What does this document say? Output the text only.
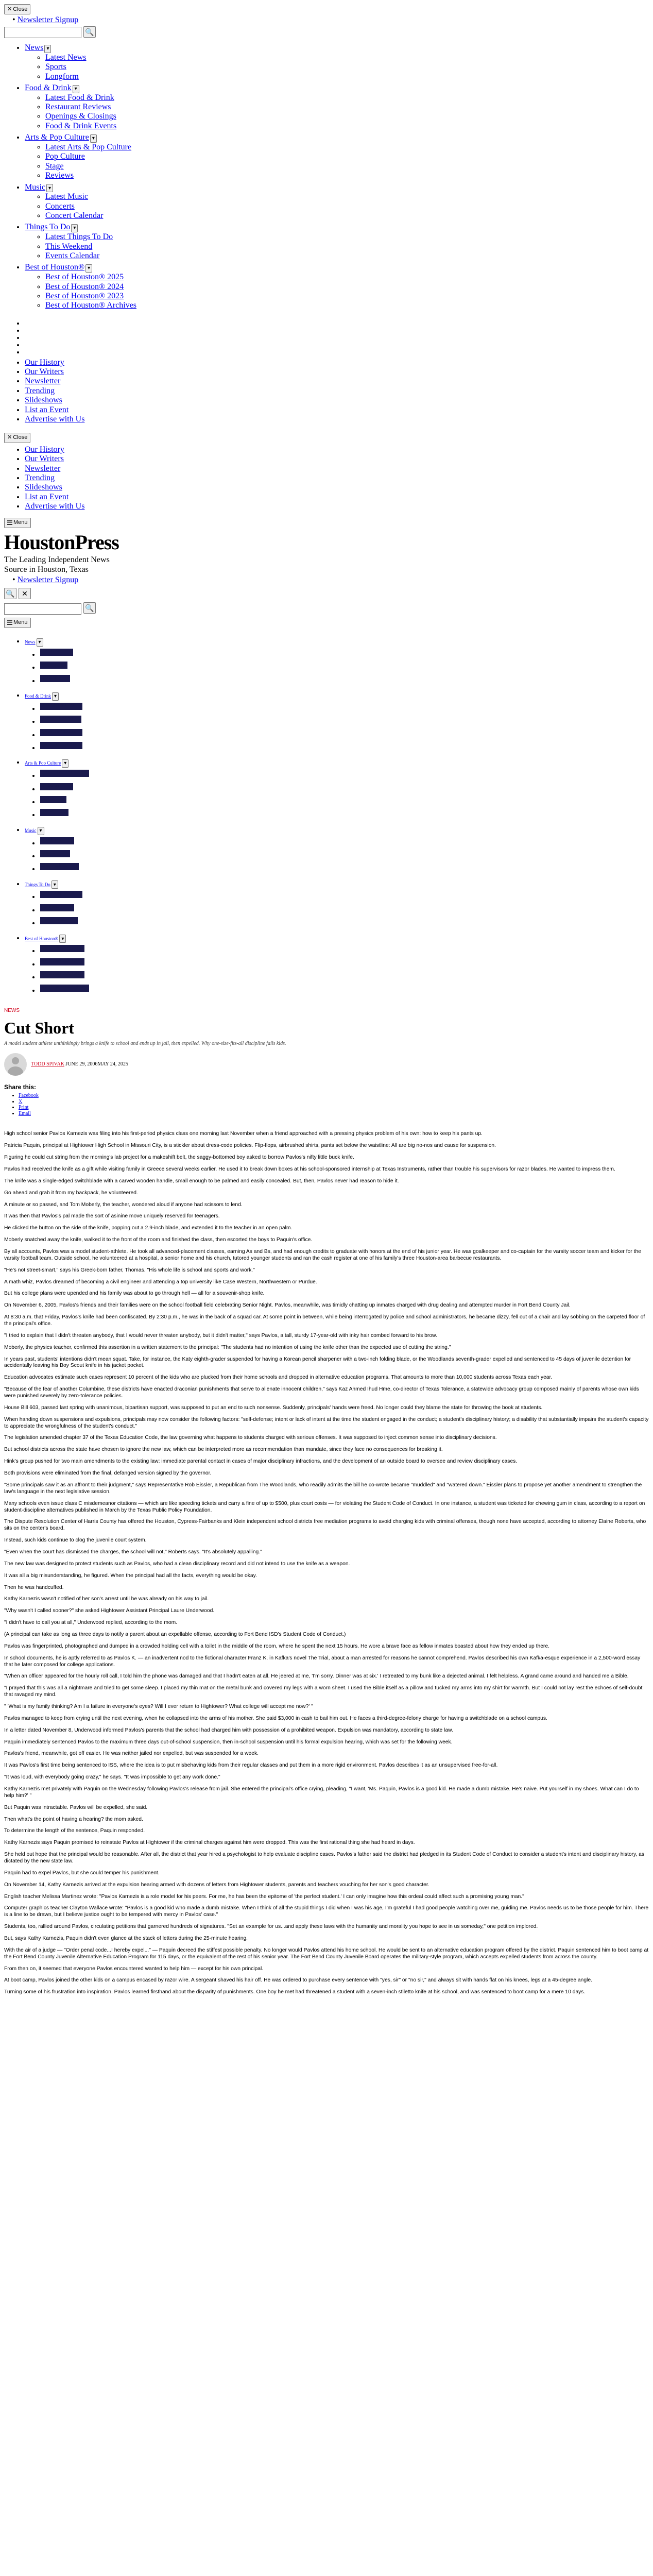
✕ Close
• Newsletter Signup

🔍
• News ▾
◦ Latest News
◦ Sports
◦ Longform
• Food & Drink ▾
◦ Latest Food & Drink
◦ Restaurant Reviews
◦ Openings & Closings
◦ Food & Drink Events
• Arts & Pop Culture ▾
◦ Latest Arts & Pop Culture
◦ Pop Culture
◦ Stage
◦ Reviews
• Music ▾
◦ Latest Music
◦ Concerts
◦ Concert Calendar
• Things To Do ▾
◦ Latest Things To Do
◦ This Weekend
◦ Events Calendar
• Best of Houston® ▾
◦ Best of Houston® 2025
◦ Best of Houston® 2024
◦ Best of Houston® 2023
◦ Best of Houston® Archives
•
•
•
•
•
• Our History
• Our Writers
• Newsletter
• Trending
• Slideshows
• List an Event
• Advertise with Us
✕ Close
• Our History
• Our Writers
• Newsletter
• Trending
• Slideshows
• List an Event
• Advertise with Us
Menu
HoustonPress

The Leading Independent News

Source in Houston, Texas

• Newsletter Signup
🔍
✕

🔍
Menu
• News ▾
• Latest News
• Sports
• Longform
• Food & Drink ▾
• Latest Food & Drink
• Restaurant Reviews
• Openings & Closings
• Food & Drink Events
• Arts & Pop Culture ▾
• Latest Arts & Pop Culture
• Pop Culture
• Stage
• Reviews
• Music ▾
• Latest Music
• Concerts
• Concert Calendar
• Things To Do ▾
• Latest Things To Do
• This Weekend
• Events Calendar
• Best of Houston® ▾
• Best of Houston® 2025
• Best of Houston® 2024
• Best of Houston® 2023
• Best of Houston® Archives
NEWS
Cut Short

A model student athlete unthinkingly brings a knife to school and ends up in jail, then expelled. Why one-size-fits-all discipline fails kids.

TODD SPIVAK JUNE 29, 2006MAY 24, 2025
Share this:
• Facebook
• X
• Print
• Email

High school senior Pavlos Karnezis was filing into his first-period physics class one morning last November when a friend approached with a pressing physics problem of his own: how to keep his pants up.

Patricia Paquin, principal at Hightower High School in Missouri City, is a stickler about dress-code policies. Flip-flops, airbrushed shirts, pants set below the waistline: All are big no-nos and cause for suspension.

Figuring he could cut string from the morning's lab project for a makeshift belt, the saggy-bottomed boy asked to borrow Pavlos's nifty little buck knife.

Pavlos had received the knife as a gift while visiting family in Greece several weeks earlier. He used it to break down boxes at his school-sponsored internship at Texas Instruments, rather than trouble his supervisors for razor blades. He wanted to impress them.

The knife was a single-edged switchblade with a carved wooden handle, small enough to be palmed and easily concealed. But, then, Pavlos never had reason to hide it.

Go ahead and grab it from my backpack, he volunteered.

A minute or so passed, and Tom Moberly, the teacher, wondered aloud if anyone had scissors to lend.

It was then that Pavlos's pal made the sort of asinine move uniquely reserved for teenagers.

He clicked the button on the side of the knife, popping out a 2.9-inch blade, and extended it to the teacher in an open palm.

Moberly snatched away the knife, walked it to the front of the room and finished the class, then escorted the boys to Paquin's office.

By all accounts, Pavlos was a model student-athlete. He took all advanced-placement classes, earning As and Bs, and had enough credits to graduate with honors at the end of his junior year. He was goalkeeper and co-captain for the varsity soccer team and kicker for the varsity football team. Outside school, he volunteered at a hospital, a senior home and his church, tutored younger students and ran the cash register at one of his family's three Houston-area barbecue restaurants.

"He's not street-smart," says his Greek-born father, Thomas. "His whole life is school and sports and work."

A math whiz, Pavlos dreamed of becoming a civil engineer and attending a top university like Case Western, Northwestern or Purdue.

But his college plans were upended and his family was about to go through hell — all for a souvenir-shop knife.

On November 6, 2005, Pavlos's friends and their families were on the school football field celebrating Senior Night. Pavlos, meanwhile, was timidly chatting up inmates charged with drug dealing and attempted murder in Fort Bend County Jail.

At 8:30 a.m. that Friday, Pavlos's knife had been confiscated. By 2:30 p.m., he was in the back of a squad car. At some point in between, while being interrogated by police and school administrators, he became dizzy, fell out of a chair and lay sobbing on the carpeted floor of the principal's office.

"I tried to explain that I didn't threaten anybody, that I would never threaten anybody, but it didn't matter," says Pavlos, a tall, sturdy 17-year-old with inky hair combed forward to his brow.

Moberly, the physics teacher, confirmed this assertion in a written statement to the principal: "The students had no intention of using the knife other than the expected use of cutting the string."

In years past, students' intentions didn't mean squat. Take, for instance, the Katy eighth-grader suspended for having a Korean pencil sharpener with a two-inch folding blade, or the Woodlands seventh-grader expelled and sentenced to 45 days of juvenile detention for accidentally leaving his Boy Scout knife in his jacket pocket.

Education advocates estimate such cases represent 10 percent of the kids who are plucked from their home schools and dropped in alternative education programs. That amounts to more than 10,000 students across Texas each year.

"Because of the fear of another Columbine, these districts have enacted draconian punishments that serve to alienate innocent children," says Kaz Ahmed Ihud Hme, co-director of Texas Tolerance, a statewide advocacy group composed mainly of parents whose own kids were punished severely by zero-tolerance policies.

House Bill 603, passed last spring with unanimous, bipartisan support, was supposed to put an end to such nonsense. Suddenly, principals' hands were freed. No longer could they blame the state for throwing the book at students.

When handing down suspensions and expulsions, principals may now consider the following factors: "self-defense; intent or lack of intent at the time the student engaged in the conduct; a student's disciplinary history; a disability that substantially impairs the student's capacity to appreciate the wrongfulness of the student's conduct."

The legislation amended chapter 37 of the Texas Education Code, the law governing what happens to students charged with serious offenses. It was supposed to inject common sense into disciplinary decisions.

But school districts across the state have chosen to ignore the new law, which can be interpreted more as recommendation than mandate, since they face no consequences for breaking it.

Hink's group pushed for two main amendments to the existing law: immediate parental contact in cases of major disciplinary infractions, and the development of an outside board to oversee and review disciplinary cases.

Both provisions were eliminated from the final, defanged version signed by the governor.

"Some principals saw it as an affront to their judgment," says Representative Rob Eissler, a Republican from The Woodlands, who readily admits the bill he co-wrote became "muddled" and "watered down." Eissler plans to propose yet another amendment to strengthen the law's language in the next legislative session.

Many schools even issue class C misdemeanor citations — which are like speeding tickets and carry a fine of up to $500, plus court costs — for violating the Student Code of Conduct. In one instance, a student was ticketed for chewing gum in class, according to a report on student-discipline alternatives published in March by the Texas Public Policy Foundation.

The Dispute Resolution Center of Harris County has offered the Houston, Cypress-Fairbanks and Klein independent school districts free mediation programs to avoid charging kids with criminal offenses, though none have accepted, according to attorney Elaine Roberts, who sits on the center's board.

Instead, such kids continue to clog the juvenile court system.

"Even when the court has dismissed the charges, the school will not," Roberts says. "It's absolutely appalling."

The new law was designed to protect students such as Pavlos, who had a clean disciplinary record and did not intend to use the knife as a weapon.

It was all a big misunderstanding, he figured. When the principal had all the facts, everything would be okay.

Then he was handcuffed.

Kathy Karnezis wasn't notified of her son's arrest until he was already on his way to jail.

"Why wasn't I called sooner?" she asked Hightower Assistant Principal Laure Underwood.

"I didn't have to call you at all," Underwood replied, according to the mom.

(A principal can take as long as three days to notify a parent about an expellable offense, according to Fort Bend ISD's Student Code of Conduct.)

Pavlos was fingerprinted, photographed and dumped in a crowded holding cell with a toilet in the middle of the room, where he spent the next 15 hours. He wore a brave face as fellow inmates boasted about how they ended up there.

In school documents, he is aptly referred to as Pavlos K. — an inadvertent nod to the fictional character Franz K. in Kafka's novel The Trial, about a man arrested for reasons he cannot comprehend. Pavlos described his own Kafka-esque experience in a 2,500-word essay that he later composed for college applications.

"When an officer appeared for the hourly roll call, I told him the phone was damaged and that I hadn't eaten at all. He jeered at me, 'I'm sorry. Dinner was at six.' I retreated to my bunk like a dejected animal. I felt helpless. A grand came around and handed me a Bible.

"I prayed that this was all a nightmare and tried to get some sleep. I placed my thin mat on the metal bunk and covered my legs with a worn sheet. I used the Bible itself as a pillow and tucked my arms into my shirt for warmth. But I could not lay rest the echoes of self-doubt that ravaged my mind.

" 'What is my family thinking? Am I a failure in everyone's eyes? Will I ever return to Hightower? What college will accept me now?' "

Pavlos managed to keep from crying until the next evening, when he collapsed into the arms of his mother. She paid $3,000 in cash to bail him out. He faces a third-degree-felony charge for having a switchblade on a school campus.

In a letter dated November 8, Underwood informed Pavlos's parents that the school had charged him with possession of a prohibited weapon. Expulsion was mandatory, according to state law.

Paquin immediately sentenced Pavlos to the maximum three days out-of-school suspension, then in-school suspension until his formal expulsion hearing, which was set for the following week.

Pavlos's friend, meanwhile, got off easier. He was neither jailed nor expelled, but was suspended for a week.

It was Pavlos's first time being sentenced to ISS, where the idea is to put misbehaving kids from their regular classes and put them in a more rigid environment. Pavlos describes it as an unsupervised free-for-all.

"It was loud, with everybody going crazy," he says. "It was impossible to get any work done."

Kathy Karnezis met privately with Paquin on the Wednesday following Pavlos's release from jail. She entered the principal's office crying, pleading, "I want, 'Ms. Paquin, Pavlos is a good kid. He made a dumb mistake. He's naive. Put yourself in my shoes. What can I do to help him?' "

But Paquin was intractable. Pavlos will be expelled, she said.

Then what's the point of having a hearing? the mom asked.

To determine the length of the sentence, Paquin responded.

Kathy Karnezis says Paquin promised to reinstate Pavlos at Hightower if the criminal charges against him were dropped. This was the first rational thing she had heard in days.

She held out hope that the principal would be reasonable. After all, the district that year hired a psychologist to help evaluate discipline cases. Pavlos's father said the district had pledged in its Student Code of Conduct to consider a student's intent and disciplinary history, as dictated by the new state law.

Paquin had to expel Pavlos, but she could temper his punishment.

On November 14, Kathy Karnezis arrived at the expulsion hearing armed with dozens of letters from Hightower students, parents and teachers vouching for her son's good character.

English teacher Melissa Martinez wrote: "Pavlos Karnezis is a role model for his peers. For me, he has been the epitome of 'the perfect student.' I can only imagine how this ordeal could affect such a promising young man."

Computer graphics teacher Clayton Wallace wrote: "Pavlos is a good kid who made a dumb mistake. When I think of all the stupid things I did when I was his age, I'm grateful I had good people watching over me, guiding me. Pavlos needs us to be those people for him. There is a line to be drawn, but I believe justice ought to be tempered with mercy in Pavlos' case."

Students, too, rallied around Pavlos, circulating petitions that garnered hundreds of signatures. "Set an example for us...and apply these laws with the humanity and morality you hope to see in us someday," one petition implored.

But, says Kathy Karnezis, Paquin didn't even glance at the stack of letters during the 25-minute hearing.

With the air of a judge — "Order penal code...I hereby expel..." — Paquin decreed the stiffest possible penalty. No longer would Pavlos attend his home school. He would be sent to an alternative education program offered by the district. Paquin sentenced him to boot camp at the Fort Bend County Juvenile Alternative Education Program for 115 days, or the equivalent of the rest of his senior year. The Fort Bend County Juvenile Board operates the military-style program, which accepts expelled students from across the county.

From then on, it seemed that everyone Pavlos encountered wanted to help him — except for his own principal.

At boot camp, Pavlos joined the other kids on a campus encased by razor wire. A sergeant shaved his hair off. He was ordered to purchase every sentence with "yes, sir" or "no sir," and always sit with hands flat on his knees, legs at a 45-degree angle.

Turning some of his frustration into inspiration, Pavlos learned firsthand about the disparity of punishments. One boy he met had threatened a student with a seven-inch stiletto knife at his school, and was sentenced to boot camp for a mere 10 days.
